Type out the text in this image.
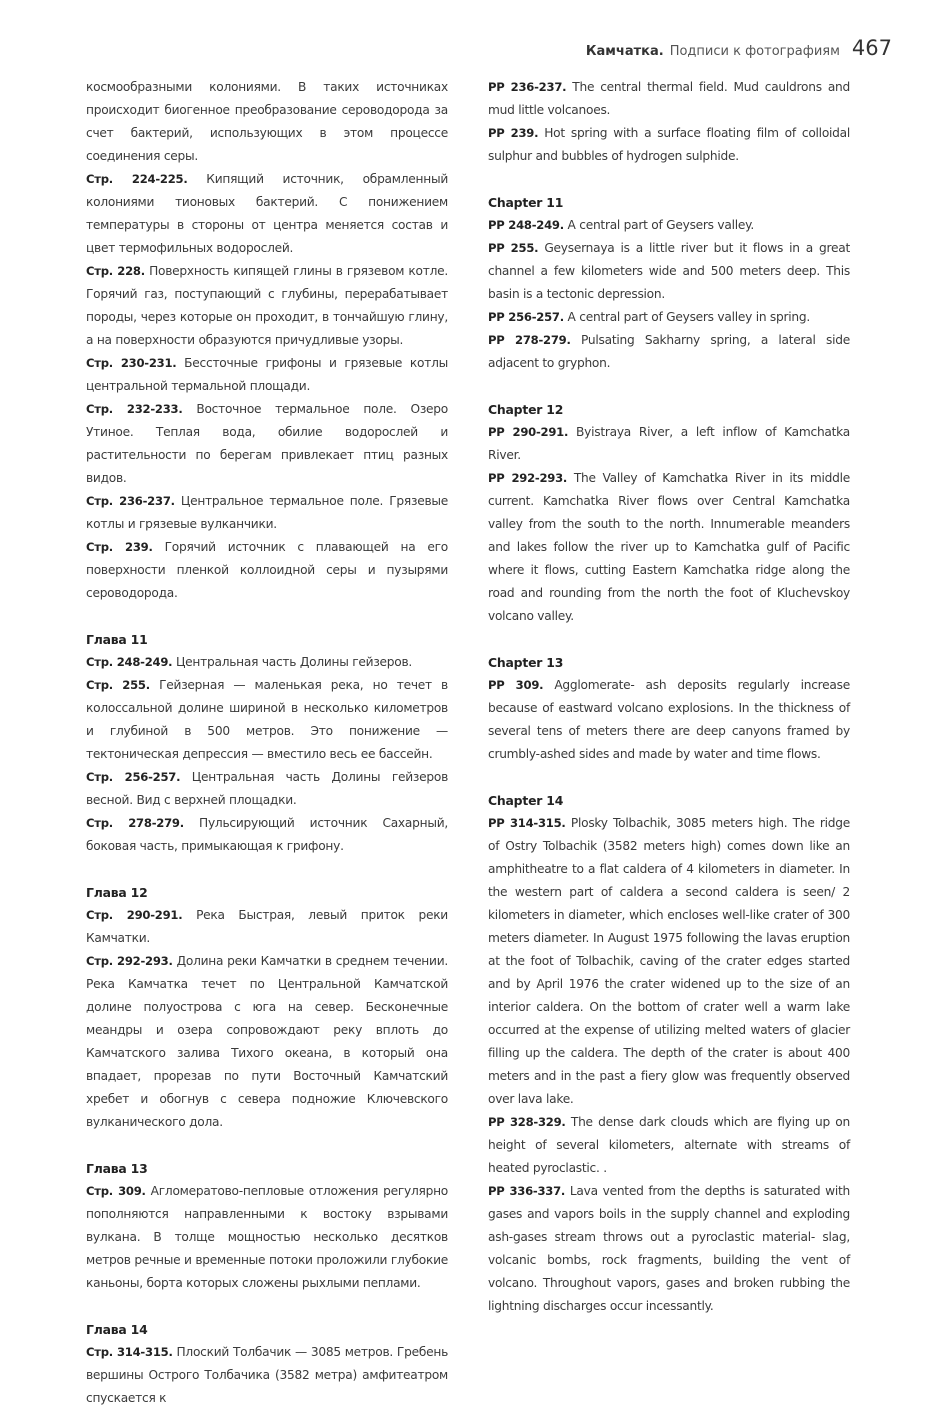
Камчатка. Подписи к фотографиям 467

космообразными колониями. В таких источниках происходит биогенное преобразование сероводорода за счет бактерий, использующих в этом процессе соединения серы.

Стр. 224-225. Кипящий источник, обрамленный колониями тионовых бактерий. С понижением температуры в стороны от центра меняется состав и цвет термофильных водорослей.

Стр. 228. Поверхность кипящей глины в грязевом котле. Горячий газ, поступающий с глубины, перерабатывает породы, через которые он проходит, в тончайшую глину, а на поверхности образуются причудливые узоры.

Стр. 230-231. Бессточные грифоны и грязевые котлы центральной термальной площади.

Стр. 232-233. Восточное термальное поле. Озеро Утиное. Теплая вода, обилие водорослей и растительности по берегам привлекает птиц разных видов.

Стр. 236-237. Центральное термальное поле. Грязевые котлы и грязевые вулканчики.

Стр. 239. Горячий источник с плавающей на его поверхности пленкой коллоидной серы и пузырями сероводорода.

Глава 11

Стр. 248-249. Центральная часть Долины гейзеров.

Стр. 255. Гейзерная — маленькая река, но течет в колоссальной долине шириной в несколько километров и глубиной в 500 метров. Это понижение — тектоническая депрессия — вместило весь ее бассейн.

Стр. 256-257. Центральная часть Долины гейзеров весной. Вид с верхней площадки.

Стр. 278-279. Пульсирующий источник Сахарный, боковая часть, примыкающая к грифону.

Глава 12

Стр. 290-291. Река Быстрая, левый приток реки Камчатки.

Стр. 292-293. Долина реки Камчатки в среднем течении. Река Камчатка течет по Центральной Камчатской долине полуострова с юга на север. Бесконечные меандры и озера сопровождают реку вплоть до Камчатского залива Тихого океана, в который она впадает, прорезав по пути Восточный Камчатский хребет и обогнув с севера подножие Ключевского вулканического дола.

Глава 13

Стр. 309. Агломератово-пепловые отложения регулярно пополняются направленными к востоку взрывами вулкана. В толще мощностью несколько десятков метров речные и временные потоки проложили глубокие каньоны, борта которых сложены рыхлыми пеплами.

Глава 14

Стр. 314-315. Плоский Толбачик — 3085 метров. Гребень вершины Острого Толбачика (3582 метра) амфитеатром спускается к

PP 236-237. The central thermal field. Mud cauldrons and mud little volcanoes.

PP 239. Hot spring with a surface floating film of colloidal sulphur and bubbles of hydrogen sulphide.

Chapter 11

PP 248-249. A central part of Geysers valley.

PP 255. Geysernaya is a little river but it flows in a great channel a few kilometers wide and 500 meters deep. This basin is a tectonic depression.

PP 256-257. A central part of Geysers valley in spring.

PP 278-279. Pulsating Sakharny spring, a lateral side adjacent to gryphon.

Chapter 12

PP 290-291. Byistraya River, a left inflow of Kamchatka River.

PP 292-293. The Valley of Kamchatka River in its middle current. Kamchatka River flows over Central Kamchatka valley from the south to the north. Innumerable meanders and lakes follow the river up to Kamchatka gulf of Pacific where it flows, cutting Eastern Kamchatka ridge along the road and rounding from the north the foot of Kluchevskoy volcano valley.

Chapter 13

PP 309. Agglomerate- ash deposits regularly increase because of eastward volcano explosions. In the thickness of several tens of meters there are deep canyons framed by crumbly-ashed sides and made by water and time flows.

Chapter 14

PP 314-315. Plosky Tolbachik, 3085 meters high. The ridge of Ostry Tolbachik (3582 meters high) comes down like an amphitheatre to a flat caldera of 4 kilometers in diameter. In the western part of caldera a second caldera is seen/ 2 kilometers in diameter, which encloses well-like crater of 300 meters diameter. In August 1975 following the lavas eruption at the foot of Tolbachik, caving of the crater edges started and by April 1976 the crater widened up to the size of an interior caldera. On the bottom of crater well a warm lake occurred at the expense of utilizing melted waters of glacier filling up the caldera. The depth of the crater is about 400 meters and in the past a fiery glow was frequently observed over lava lake.

PP 328-329. The dense dark clouds which are flying up on height of several kilometers, alternate with streams of heated pyroclastic. .

PP 336-337. Lava vented from the depths is saturated with gases and vapors boils in the supply channel and exploding ash-gases stream throws out a pyroclastic material- slag, volcanic bombs, rock fragments, building the vent of volcano. Throughout vapors, gases and broken rubbing the lightning discharges occur incessantly.
